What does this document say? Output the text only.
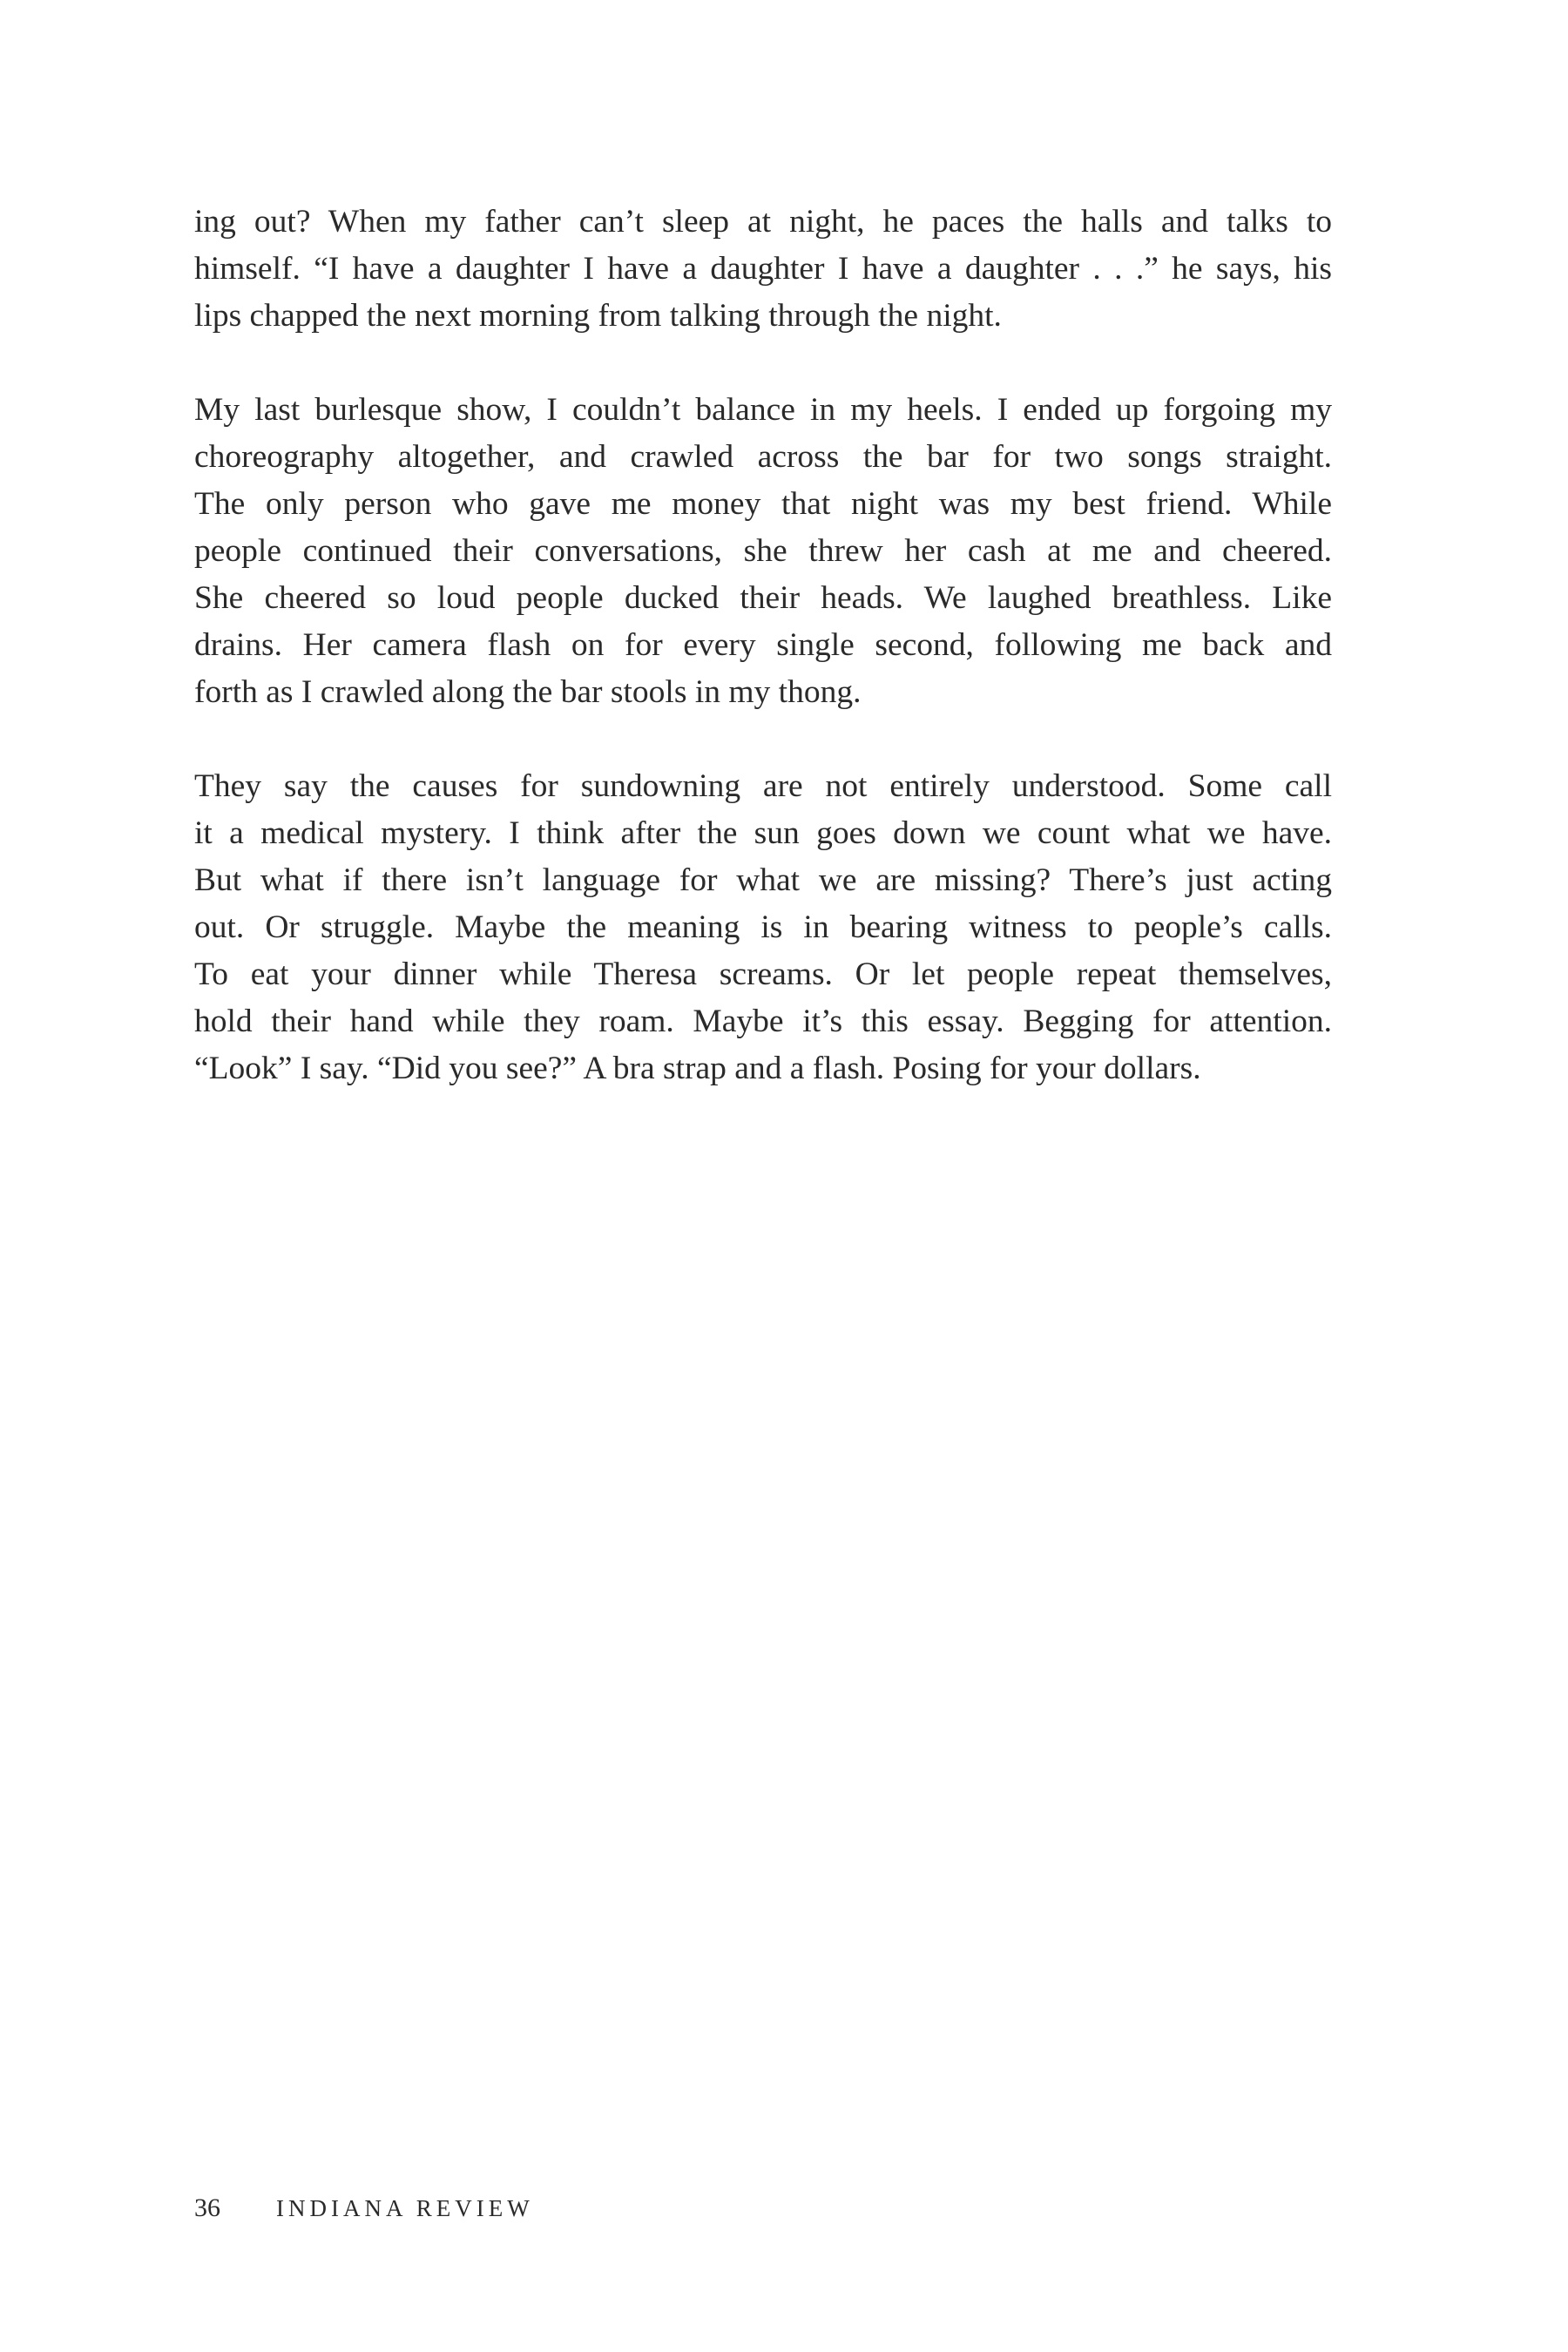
ing out? When my father can’t sleep at night, he paces the halls and talks to
himself. “I have a daughter I have a daughter I have a daughter . . .” he says, his
lips chapped the next morning from talking through the night.

My last burlesque show, I couldn’t balance in my heels. I ended up forgoing my
choreography altogether, and crawled across the bar for two songs straight.
The only person who gave me money that night was my best friend. While
people continued their conversations, she threw her cash at me and cheered.
She cheered so loud people ducked their heads. We laughed breathless. Like
drains. Her camera flash on for every single second, following me back and
forth as I crawled along the bar stools in my thong.

They say the causes for sundowning are not entirely understood. Some call
it a medical mystery. I think after the sun goes down we count what we have.
But what if there isn’t language for what we are missing? There’s just acting
out. Or struggle. Maybe the meaning is in bearing witness to people’s calls.
To eat your dinner while Theresa screams. Or let people repeat themselves,
hold their hand while they roam. Maybe it’s this essay. Begging for attention.
“Look” I say. “Did you see?” A bra strap and a flash. Posing for your dollars.

36 INDIANA REVIEW
